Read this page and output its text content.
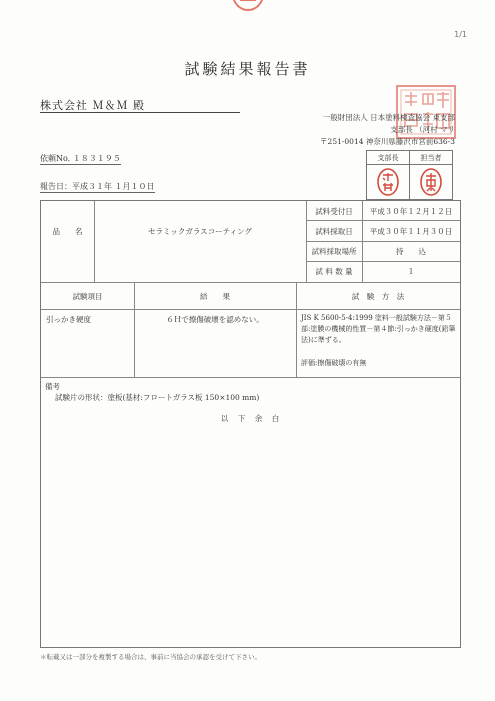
1/1
試験結果報告書
株式会社 Ｍ＆Ｍ 殿
一般財団法人 日本塗料検査協会 東支部
支部長 （河村 マリ
〒251-0014 神奈川県藤沢市宮前636-3
依頼No. １８３１９５
報告日：平成３１年 １月１０日
支部長	担当者

品　　名	セラミックガラスコーティング
試料受付日	平成３０年１２月１２日
試料採取日	平成３０年１１月３０日
試料採取場所	持　　込
試 料 数 量	１
試験項目	結　　果	試　験　方　法
引っかき硬度	６Ｈで擦傷破壊を認めない。	JIS K 5600-5-4:1999 塗料一般試験方法－第５部:塗膜の機械的性質－第４節:引っかき硬度(鉛筆法)に準ずる。
評価:擦傷破壊の有無
備考
試験片の形状：塗板(基材:フロートガラス板 150×100 mm)
以　下　余　白
＊転載又は一部分を複製する場合は、事前に当協会の承認を受けて下さい。
